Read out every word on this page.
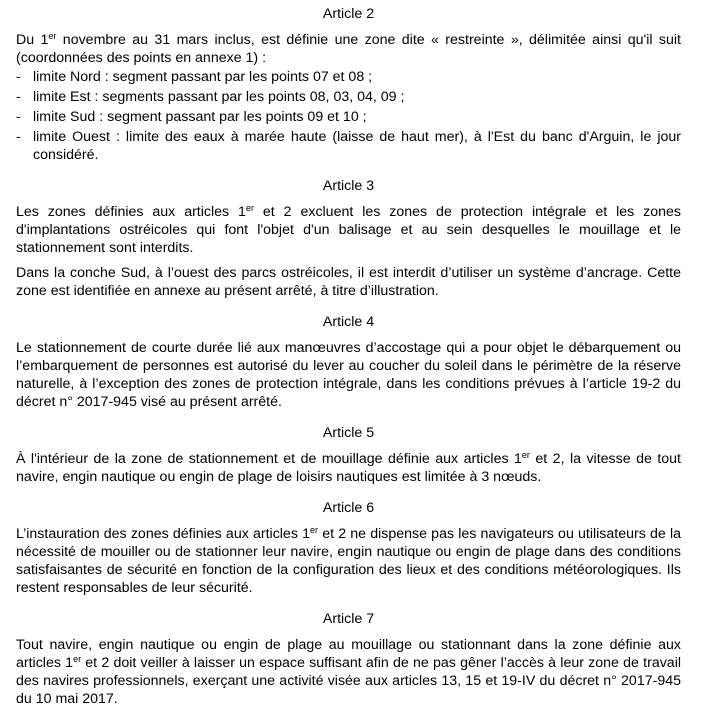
Article 2

Du 1er novembre au 31 mars inclus, est définie une zone dite « restreinte », délimitée ainsi qu'il suit (coordonnées des points en annexe 1) :

- limite Nord : segment passant par les points 07 et 08 ;
- limite Est : segments passant par les points 08, 03, 04, 09 ;
- limite Sud : segment passant par les points 09 et 10 ;
- limite Ouest : limite des eaux à marée haute (laisse de haut mer), à l'Est du banc d'Arguin, le jour considéré.
Article 3

Les zones définies aux articles 1er et 2 excluent les zones de protection intégrale et les zones d'implantations ostréicoles qui font l'objet d'un balisage et au sein desquelles le mouillage et le stationnement sont interdits.

Dans la conche Sud, à l’ouest des parcs ostréicoles, il est interdit d’utiliser un système d’ancrage. Cette zone est identifiée en annexe au présent arrêté, à titre d’illustration.

Article 4

Le stationnement de courte durée lié aux manœuvres d’accostage qui a pour objet le débarquement ou l’embarquement de personnes est autorisé du lever au coucher du soleil dans le périmètre de la réserve naturelle, à l’exception des zones de protection intégrale, dans les conditions prévues à l’article 19-2 du décret n° 2017-945 visé au présent arrêté.

Article 5

À l'intérieur de la zone de stationnement et de mouillage définie aux articles 1er et 2, la vitesse de tout navire, engin nautique ou engin de plage de loisirs nautiques est limitée à 3 nœuds.

Article 6

L’instauration des zones définies aux articles 1er et 2 ne dispense pas les navigateurs ou utilisateurs de la nécessité de mouiller ou de stationner leur navire, engin nautique ou engin de plage dans des conditions satisfaisantes de sécurité en fonction de la configuration des lieux et des conditions météorologiques. Ils restent responsables de leur sécurité.

Article 7

Tout navire, engin nautique ou engin de plage au mouillage ou stationnant dans la zone définie aux articles 1er et 2 doit veiller à laisser un espace suffisant afin de ne pas gêner l’accès à leur zone de travail des navires professionnels, exerçant une activité visée aux articles 13, 15 et 19-IV du décret n° 2017-945 du 10 mai 2017.
